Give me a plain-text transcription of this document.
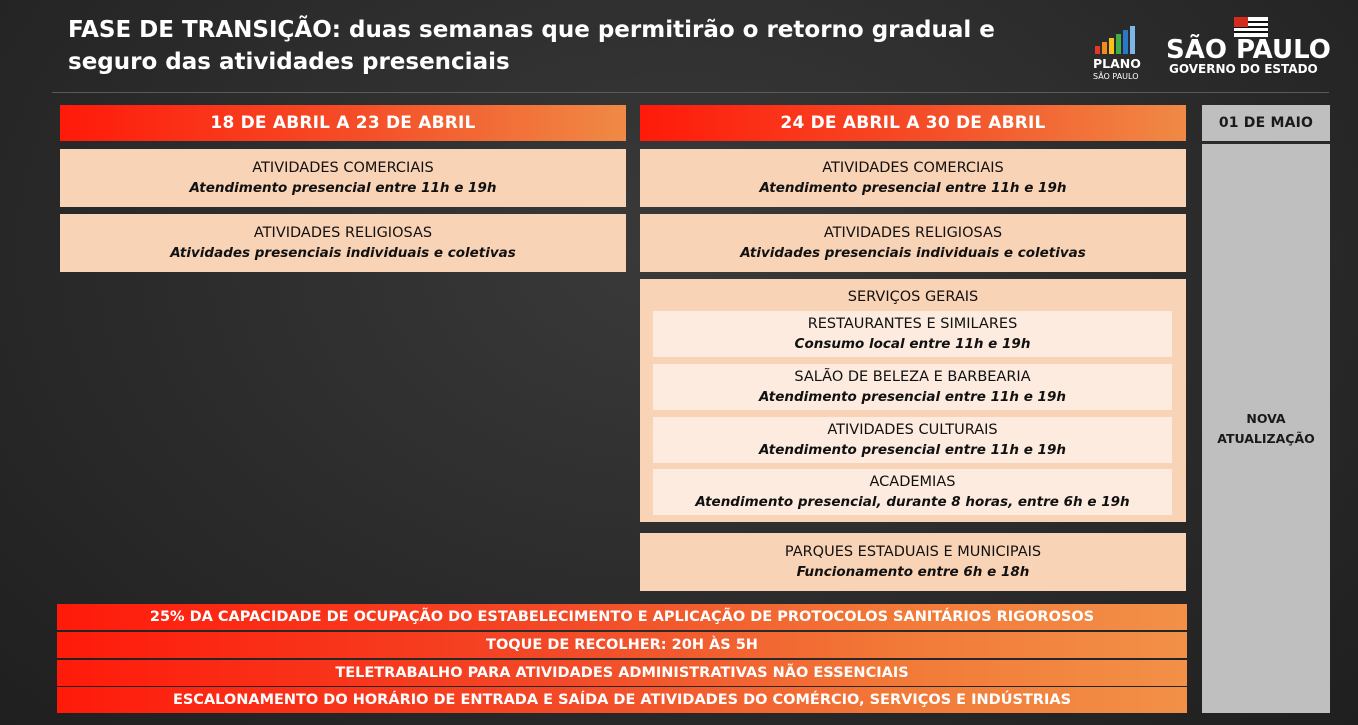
FASE DE TRANSIÇÃO: duas semanas que permitirão o retorno gradual e
seguro das atividades presenciais	PLANO
SÃO PAULO
SÃO PAULO
GOVERNO DO ESTADO
18 DE ABRIL A 23 DE ABRIL	24 DE ABRIL A 30 DE ABRIL	01 DE MAIO
ATIVIDADES COMERCIAIS
Atendimento presencial entre 11h e 19h
ATIVIDADES RELIGIOSAS
Atividades presenciais individuais e coletivas
ATIVIDADES COMERCIAIS
Atendimento presencial entre 11h e 19h
ATIVIDADES RELIGIOSAS
Atividades presenciais individuais e coletivas
SERVIÇOS GERAIS
RESTAURANTES E SIMILARES
Consumo local entre 11h e 19h
SALÃO DE BELEZA E BARBEARIA
Atendimento presencial entre 11h e 19h
ATIVIDADES CULTURAIS
Atendimento presencial entre 11h e 19h
ACADEMIAS
Atendimento presencial, durante 8 horas, entre 6h e 19h
PARQUES ESTADUAIS E MUNICIPAIS
Funcionamento entre 6h e 18h
NOVA
ATUALIZAÇÃO
25% DA CAPACIDADE DE OCUPAÇÃO DO ESTABELECIMENTO E APLICAÇÃO DE PROTOCOLOS SANITÁRIOS RIGOROSOS
TOQUE DE RECOLHER: 20H ÀS 5H
TELETRABALHO PARA ATIVIDADES ADMINISTRATIVAS NÃO ESSENCIAIS
ESCALONAMENTO DO HORÁRIO DE ENTRADA E SAÍDA DE ATIVIDADES DO COMÉRCIO, SERVIÇOS E INDÚSTRIAS
